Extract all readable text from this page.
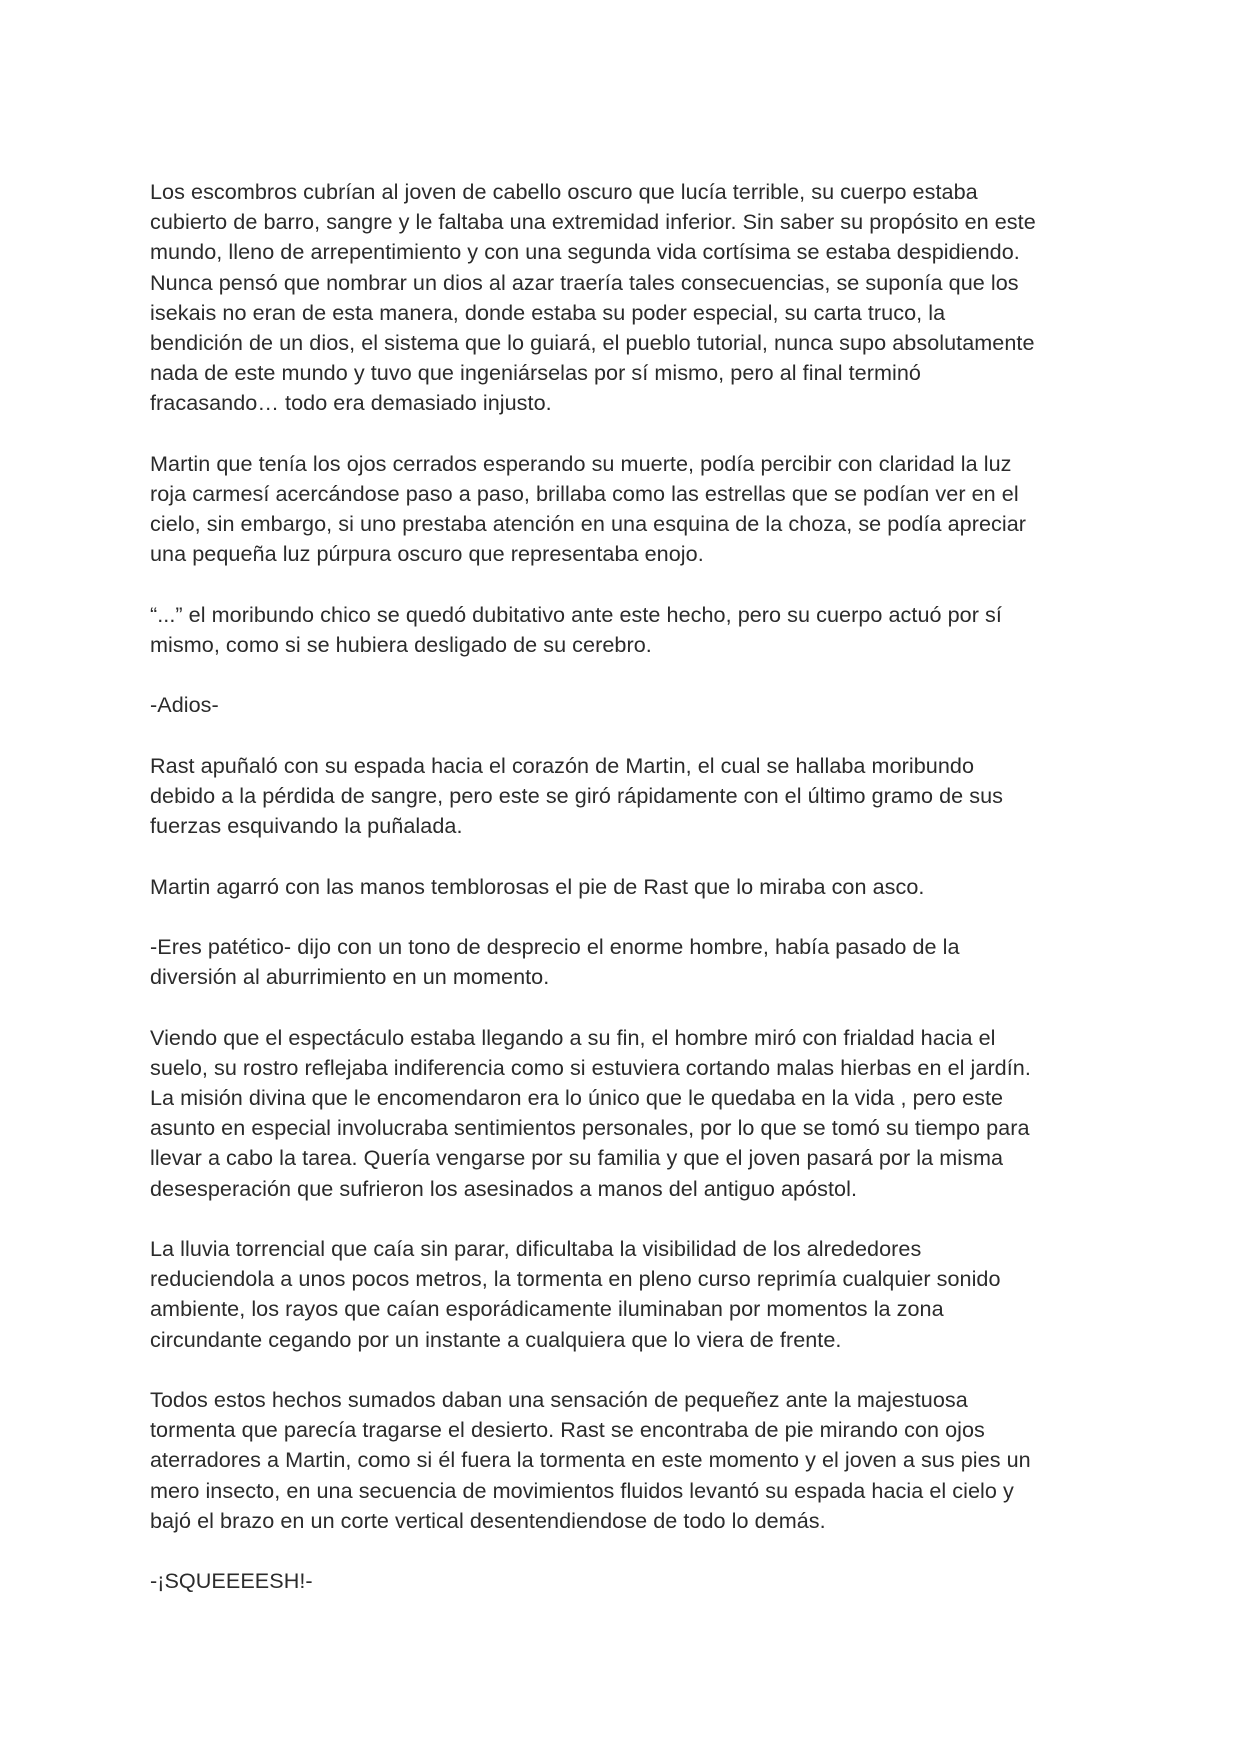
Los escombros cubrían al joven de cabello oscuro que lucía terrible, su cuerpo estaba
cubierto de barro, sangre y le faltaba una extremidad inferior. Sin saber su propósito en este
mundo, lleno de arrepentimiento y con una segunda vida cortísima se estaba despidiendo.
Nunca pensó que nombrar un dios al azar traería tales consecuencias, se suponía que los
isekais no eran de esta manera, donde estaba su poder especial, su carta truco, la
bendición de un dios, el sistema que lo guiará, el pueblo tutorial, nunca supo absolutamente
nada de este mundo y tuvo que ingeniárselas por sí mismo, pero al final terminó
fracasando… todo era demasiado injusto.

Martin que tenía los ojos cerrados esperando su muerte, podía percibir con claridad la luz
roja carmesí acercándose paso a paso, brillaba como las estrellas que se podían ver en el
cielo, sin embargo, si uno prestaba atención en una esquina de la choza, se podía apreciar
una pequeña luz púrpura oscuro que representaba enojo.

“...” el moribundo chico se quedó dubitativo ante este hecho, pero su cuerpo actuó por sí
mismo, como si se hubiera desligado de su cerebro.

-Adios-

Rast apuñaló con su espada hacia el corazón de Martin, el cual se hallaba moribundo
debido a la pérdida de sangre, pero este se giró rápidamente con el último gramo de sus
fuerzas esquivando la puñalada.

Martin agarró con las manos temblorosas el pie de Rast que lo miraba con asco.

-Eres patético- dijo con un tono de desprecio el enorme hombre, había pasado de la
diversión al aburrimiento en un momento.

Viendo que el espectáculo estaba llegando a su fin, el hombre miró con frialdad hacia el
suelo, su rostro reflejaba indiferencia como si estuviera cortando malas hierbas en el jardín.
La misión divina que le encomendaron era lo único que le quedaba en la vida , pero este
asunto en especial involucraba sentimientos personales, por lo que se tomó su tiempo para
llevar a cabo la tarea. Quería vengarse por su familia y que el joven pasará por la misma
desesperación que sufrieron los asesinados a manos del antiguo apóstol.

La lluvia torrencial que caía sin parar, dificultaba la visibilidad de los alrededores
reduciendola a unos pocos metros, la tormenta en pleno curso reprimía cualquier sonido
ambiente, los rayos que caían esporádicamente iluminaban por momentos la zona
circundante cegando por un instante a cualquiera que lo viera de frente.

Todos estos hechos sumados daban una sensación de pequeñez ante la majestuosa
tormenta que parecía tragarse el desierto. Rast se encontraba de pie mirando con ojos
aterradores a Martin, como si él fuera la tormenta en este momento y el joven a sus pies un
mero insecto, en una secuencia de movimientos fluidos levantó su espada hacia el cielo y
bajó el brazo en un corte vertical desentendiendose de todo lo demás.

-¡SQUEEEESH!-
